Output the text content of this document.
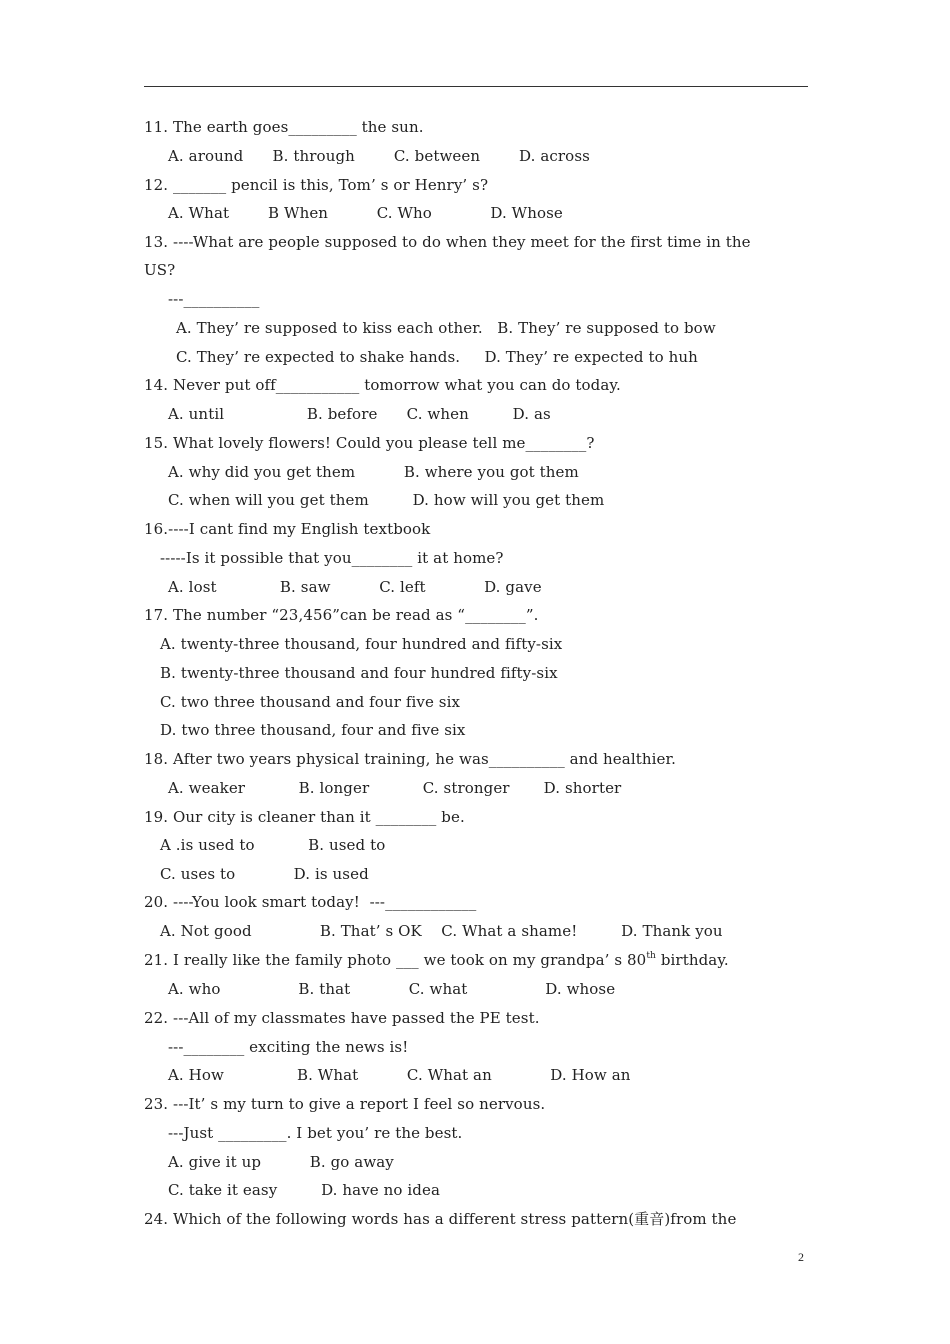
11. The earth goes_________ the sun.
A. around      B. through        C. between        D. across
12. _______ pencil is this, Tom’ s or Henry’ s?
A. What        B When          C. Who            D. Whose
13. ----What are people supposed to do when they meet for the first time in the
US?
---__________
A. They’ re supposed to kiss each other.   B. They’ re supposed to bow
C. They’ re expected to shake hands.     D. They’ re expected to huh
14. Never put off___________ tomorrow what you can do today.
A. until                 B. before      C. when         D. as
15. What lovely flowers! Could you please tell me________?
A. why did you get them          B. where you got them
C. when will you get them         D. how will you get them
16.----I cant find my English textbook
-----Is it possible that you________ it at home?
A. lost             B. saw          C. left            D. gave
17. The number “23,456”can be read as “________”.
A. twenty-three thousand, four hundred and fifty-six
B. twenty-three thousand and four hundred fifty-six
C. two three thousand and four five six
D. two three thousand, four and five six
18. After two years physical training, he was__________ and healthier.
A. weaker           B. longer           C. stronger       D. shorter
19. Our city is cleaner than it ________ be.
A .is used to           B. used to
C. uses to            D. is used
20. ----You look smart today!  ---____________
A. Not good              B. That’ s OK    C. What a shame!         D. Thank you
21. I really like the family photo ___ we took on my grandpa’ s 80th birthday.
A. who                B. that            C. what                D. whose
22. ---All of my classmates have passed the PE test.
---________ exciting the news is!
A. How               B. What          C. What an            D. How an
23. ---It’ s my turn to give a report I feel so nervous.
---Just _________. I bet you’ re the best.
A. give it up          B. go away
C. take it easy         D. have no idea
24. Which of the following words has a different stress pattern(重音)from the
2
